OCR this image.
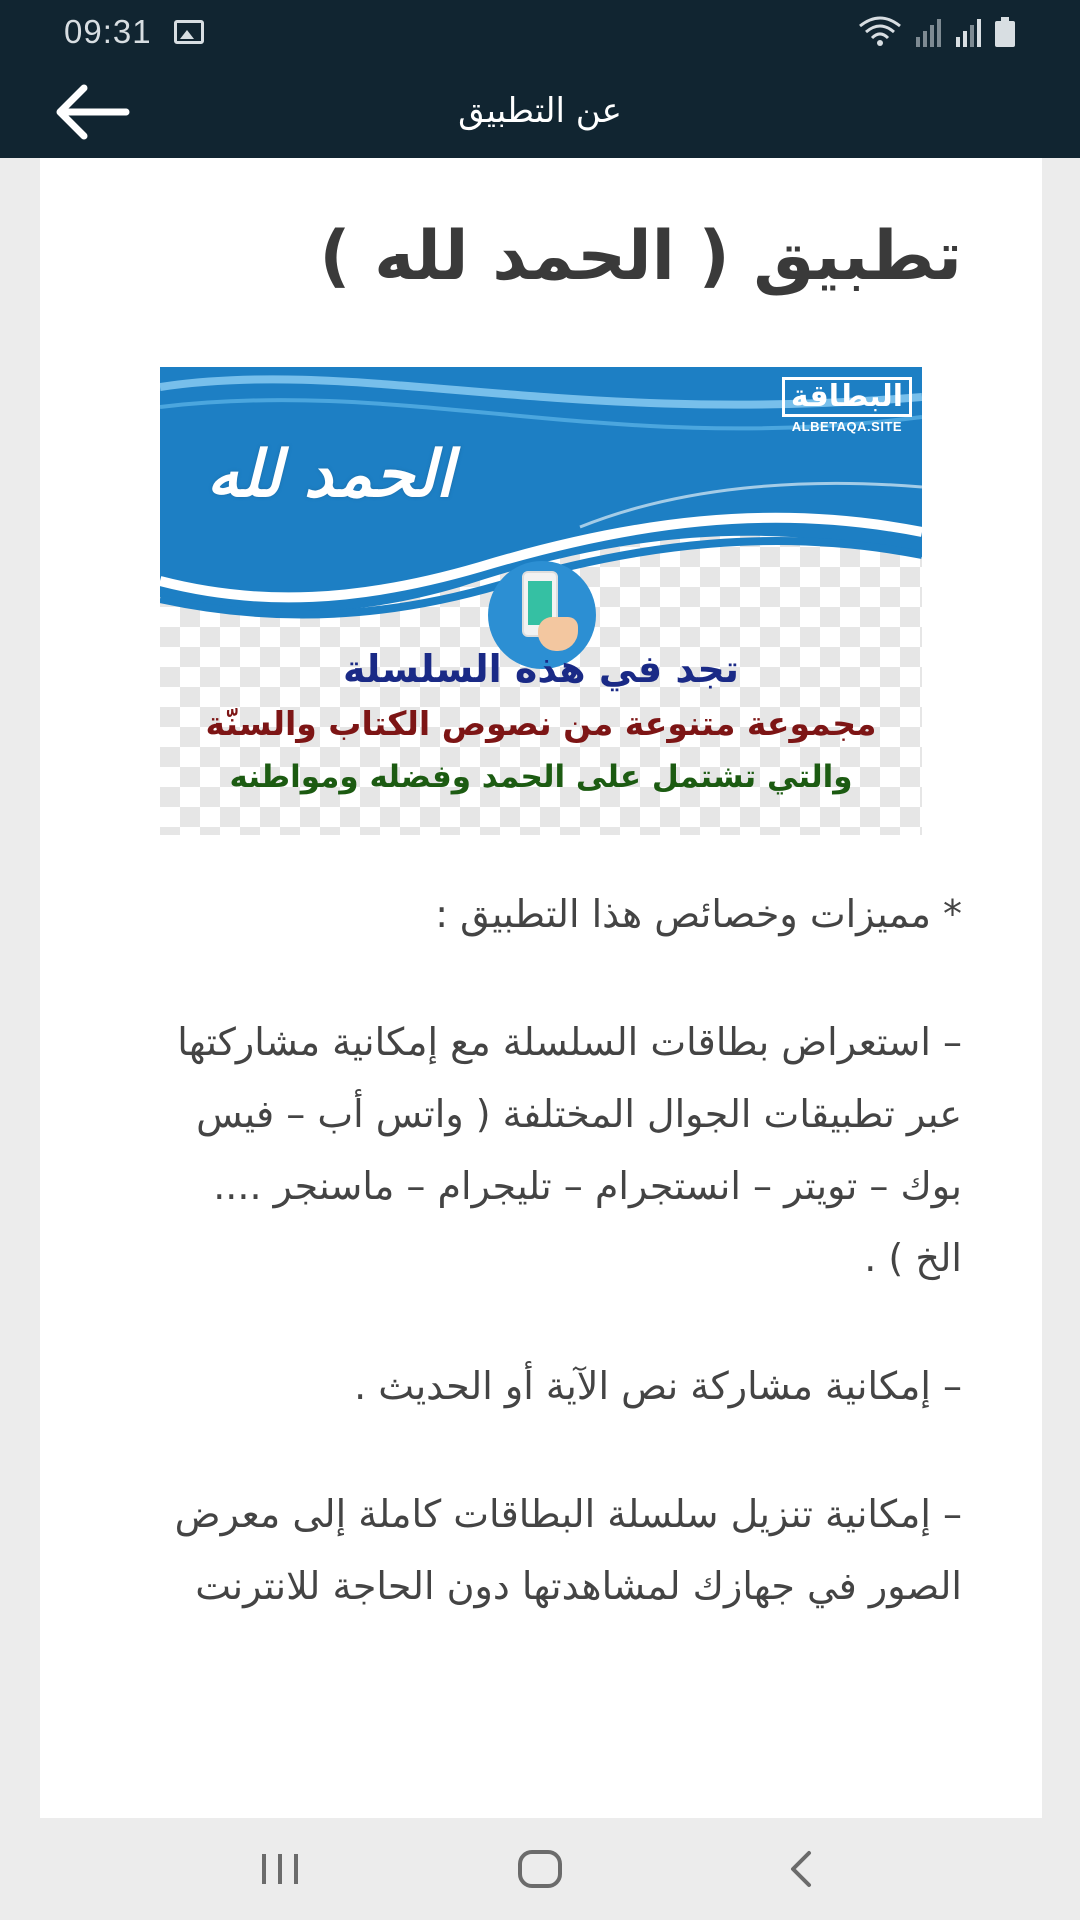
09:31
عن التطبيق
تطبيق ( الحمد لله )
البطاقة
ALBETAQA.SITE
الحمد لله
تجد في هذه السلسلة
مجموعة متنوعة من نصوص الكتاب والسنّة
والتي تشتمل على الحمد وفضله ومواطنه

* مميزات وخصائص هذا التطبيق :

– استعراض بطاقات السلسلة مع إمكانية مشاركتها عبر تطبيقات الجوال المختلفة ( واتس أب – فيس بوك – تويتر – انستجرام – تليجرام – ماسنجر .... الخ ) .

– إمكانية مشاركة نص الآية أو الحديث .

– إمكانية تنزيل سلسلة البطاقات كاملة إلى معرض الصور في جهازك لمشاهدتها دون الحاجة للانترنت
